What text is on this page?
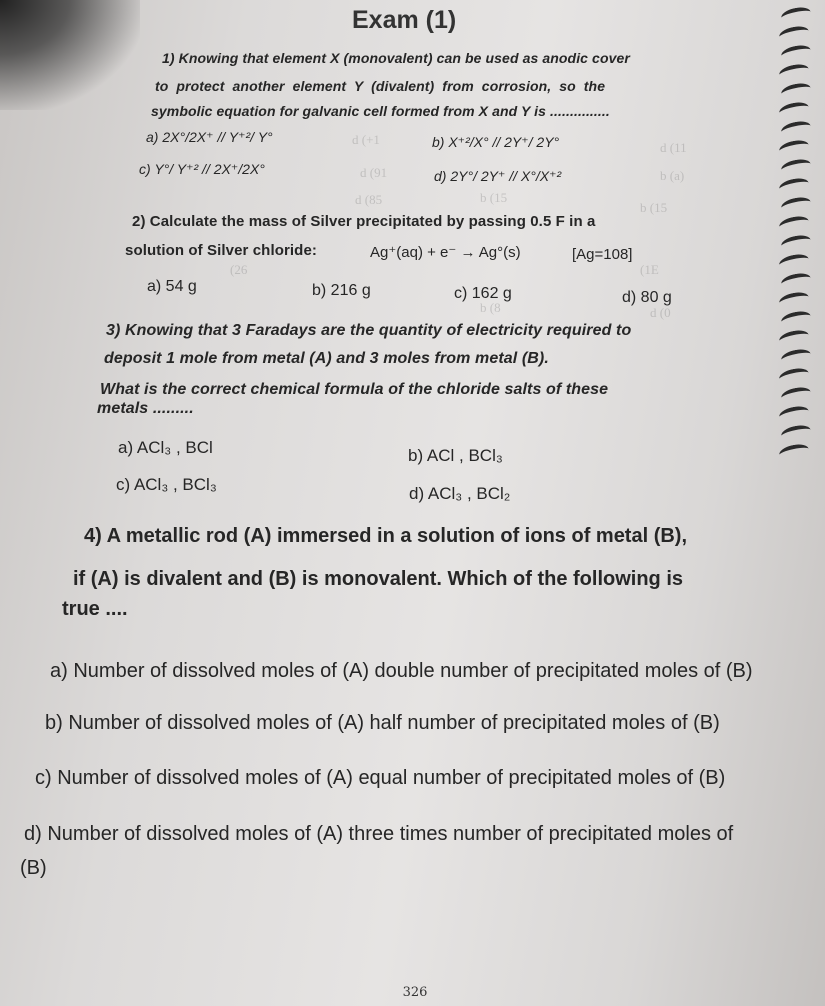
d (+1
d (11
d (91	b (a)
d (85	b (15
b (15
(26	(1E
b (8	d (0
Exam (1)
1) Knowing that element X (monovalent) can be used as anodic cover
to protect another element Y (divalent) from corrosion, so the
symbolic equation for galvanic cell formed from X and Y is ...............
a) 2X°/2X⁺ // Y⁺²/ Y°	b) X⁺²/X° // 2Y⁺/ 2Y°
c) Y°/ Y⁺² // 2X⁺/2X°	d) 2Y°/ 2Y⁺ // X°/X⁺²
2) Calculate the mass of Silver precipitated by passing 0.5 F in a
solution of Silver chloride:	Ag⁺(aq) + e⁻ → Ag°(s)	[Ag=108]
a) 54 g	b) 216 g	c) 162 g	d) 80 g
3) Knowing that 3 Faradays are the quantity of electricity required to
deposit 1 mole from metal (A) and 3 moles from metal (B).
What is the correct chemical formula of the chloride salts of these
metals .........
a) ACl₃ , BCl	b) ACl , BCl₃
c) ACl₃ , BCl₃	d) ACl₃ , BCl₂
4) A metallic rod (A) immersed in a solution of ions of metal (B),
if (A) is divalent and (B) is monovalent. Which of the following is
true ....
a) Number of dissolved moles of (A) double number of precipitated moles of (B)
b) Number of dissolved moles of (A) half number of precipitated moles of (B)
c) Number of dissolved moles of (A) equal number of precipitated moles of (B)
d) Number of dissolved moles of (A) three times number of precipitated moles of
(B)
326
